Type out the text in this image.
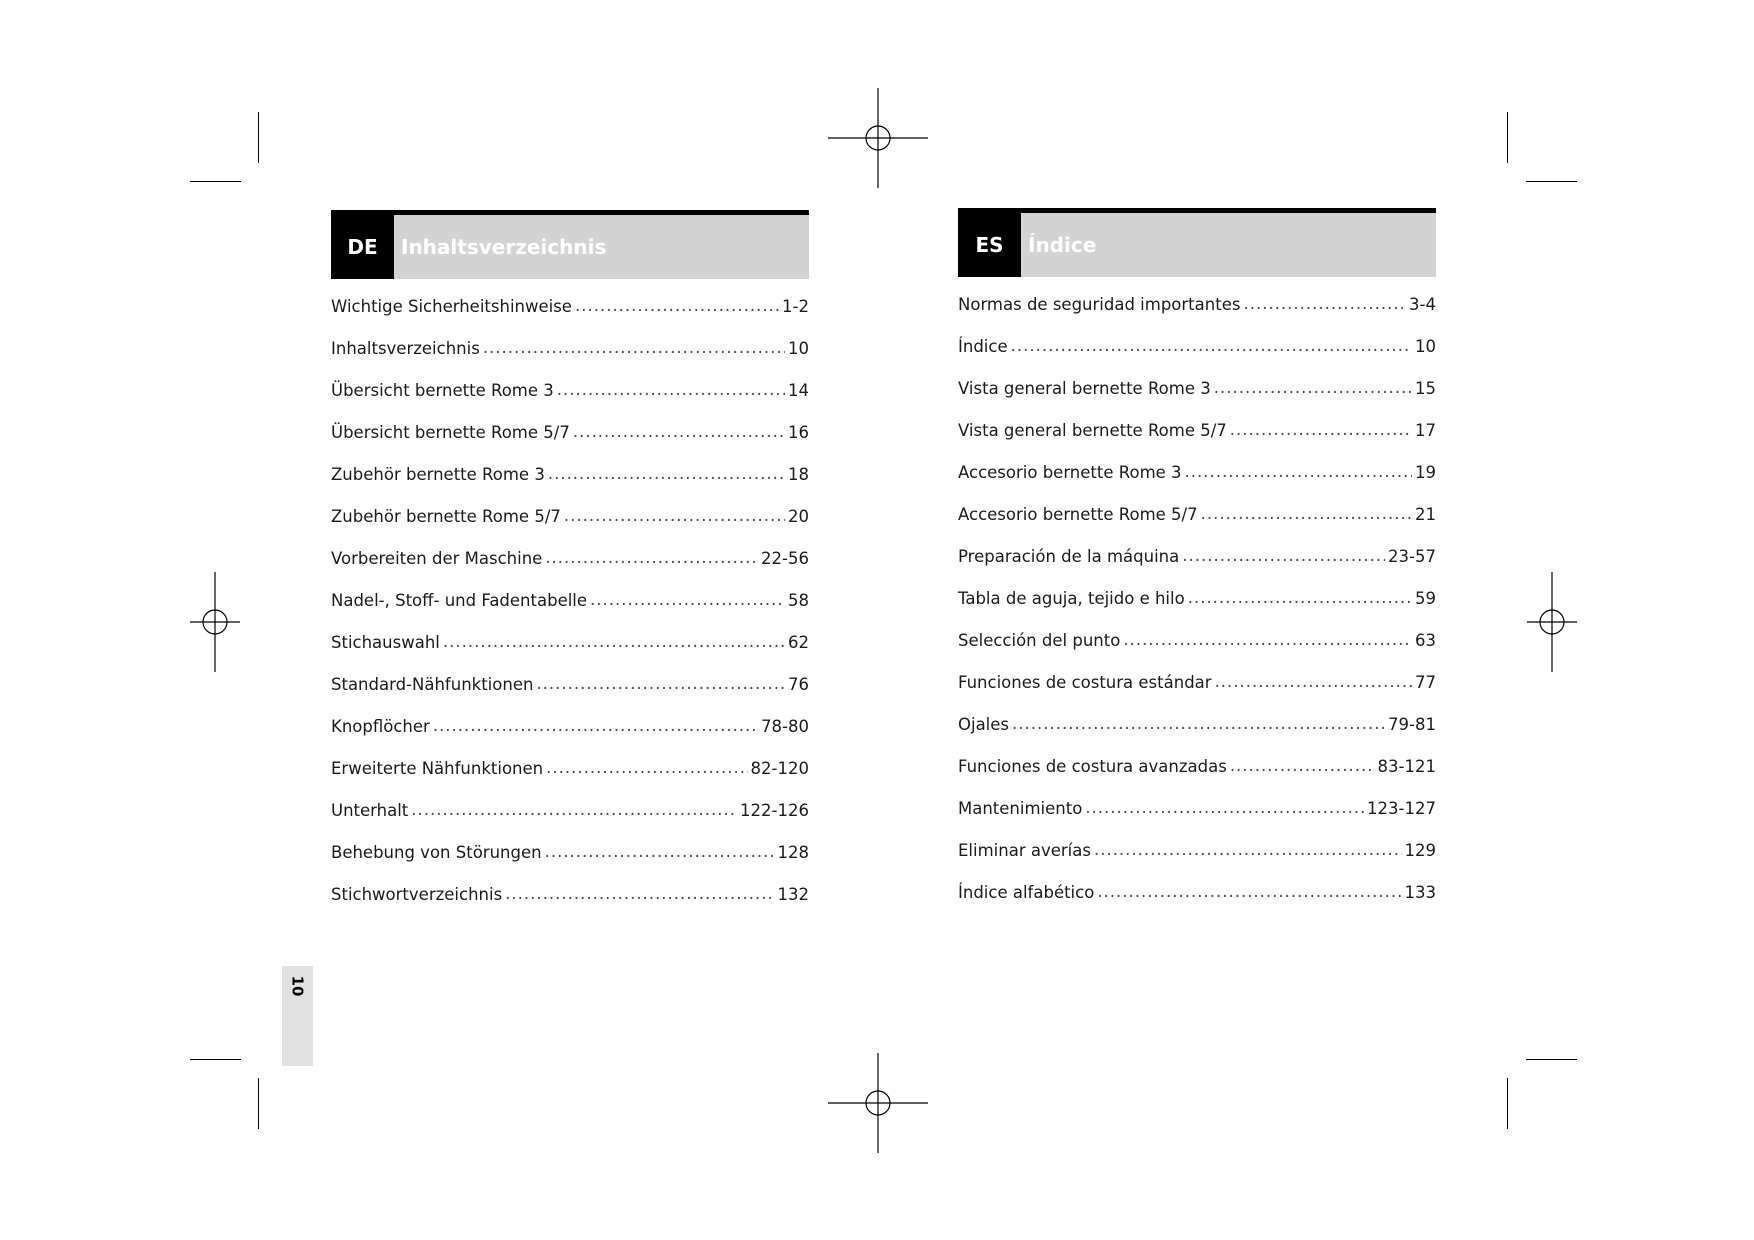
DE	Inhaltsverzeichnis
Wichtige Sicherheitshinweise .....	1-2
Inhaltsverzeichnis .....	10
Übersicht bernette Rome 3 .....	14
Übersicht bernette Rome 5/7 .....	16
Zubehör bernette Rome 3 .....	18
Zubehör bernette Rome 5/7 .....	20
Vorbereiten der Maschine .....	22-56
Nadel-, Stoff- und Fadentabelle .....	58
Stichauswahl .....	62
Standard-Nähfunktionen .....	76
Knopflöcher .....	78-80
Erweiterte Nähfunktionen .....	82-120
Unterhalt .....	122-126
Behebung von Störungen .....	128
Stichwortverzeichnis .....	132
ES	Índice
Normas de seguridad importantes .....	3-4
Índice .....	10
Vista general bernette Rome 3 .....	15
Vista general bernette Rome 5/7 .....	17
Accesorio bernette Rome 3 .....	19
Accesorio bernette Rome 5/7 .....	21
Preparación de la máquina .....	23-57
Tabla de aguja, tejido e hilo .....	59
Selección del punto .....	63
Funciones de costura estándar .....	77
Ojales .....	79-81
Funciones de costura avanzadas .....	83-121
Mantenimiento .....	123-127
Eliminar averías .....	129
Índice alfabético .....	133
10
